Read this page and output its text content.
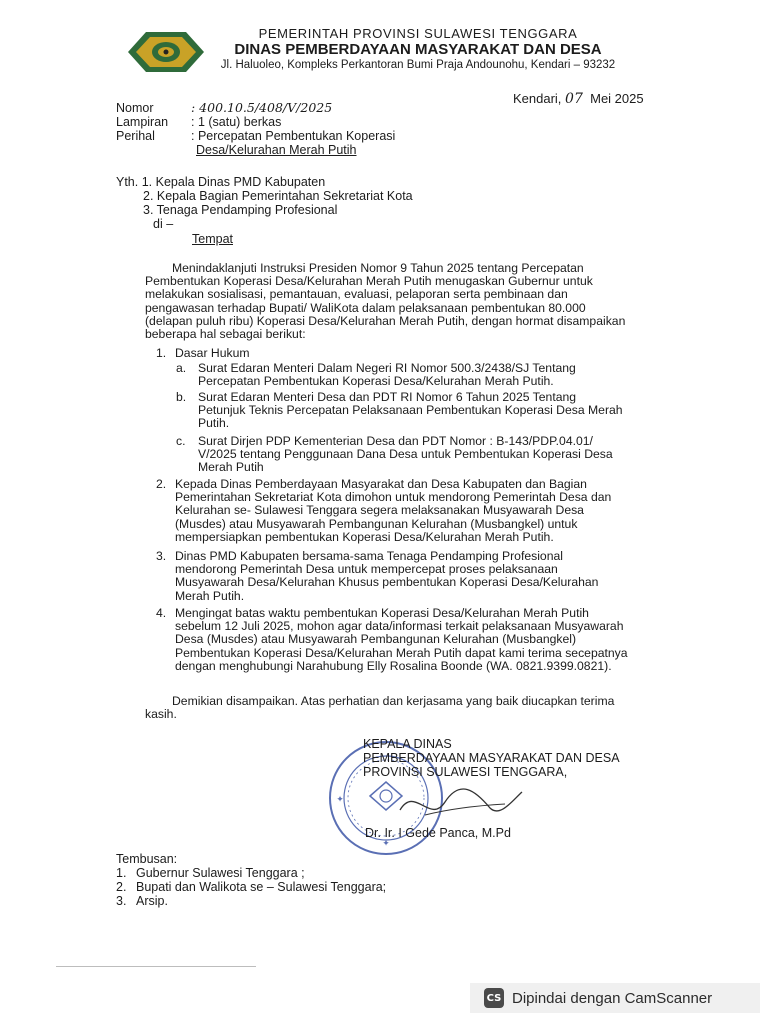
PEMERINTAH PROVINSI SULAWESI TENGGARA
DINAS PEMBERDAYAAN MASYARAKAT DAN DESA
Jl. Haluoleo, Kompleks Perkantoran Bumi Praja Andounohu, Kendari – 93232
Kendari, 07 Mei 2025
Nomor	: 400.10.5/408/V/2025
Lampiran	: 1 (satu) berkas
Perihal	: Percepatan Pembentukan Koperasi
Desa/Kelurahan Merah Putih
Yth. 1. Kepala Dinas PMD Kabupaten
2. Kepala Bagian Pemerintahan Sekretariat Kota
3. Tenaga Pendamping Profesional
di –
Tempat
Menindaklanjuti Instruksi Presiden Nomor 9 Tahun 2025 tentang Percepatan
Pembentukan Koperasi Desa/Kelurahan Merah Putih menugaskan Gubernur untuk
melakukan sosialisasi, pemantauan, evaluasi, pelaporan serta pembinaan dan
pengawasan terhadap Bupati/ WaliKota dalam pelaksanaan pembentukan 80.000
(delapan puluh ribu) Koperasi Desa/Kelurahan Merah Putih, dengan hormat disampaikan
beberapa hal sebagai berikut:
1. Dasar Hukum
a. Surat Edaran Menteri Dalam Negeri RI Nomor 500.3/2438/SJ Tentang
Percepatan Pembentukan Koperasi Desa/Kelurahan Merah Putih.
b. Surat Edaran Menteri Desa dan PDT RI Nomor 6 Tahun 2025 Tentang
Petunjuk Teknis Percepatan Pelaksanaan Pembentukan Koperasi Desa Merah
Putih.
c. Surat Dirjen PDP Kementerian Desa dan PDT Nomor : B-143/PDP.04.01/
V/2025 tentang Penggunaan Dana Desa untuk Pembentukan Koperasi Desa
Merah Putih
2. Kepada Dinas Pemberdayaan Masyarakat dan Desa Kabupaten dan Bagian
Pemerintahan Sekretariat Kota dimohon untuk mendorong Pemerintah Desa dan
Kelurahan se- Sulawesi Tenggara segera melaksanakan Musyawarah Desa
(Musdes) atau Musyawarah Pembangunan Kelurahan (Musbangkel) untuk
mempersiapkan pembentukan Koperasi Desa/Kelurahan Merah Putih.
3. Dinas PMD Kabupaten bersama-sama Tenaga Pendamping Profesional
mendorong Pemerintah Desa untuk mempercepat proses pelaksanaan
Musyawarah Desa/Kelurahan Khusus pembentukan Koperasi Desa/Kelurahan
Merah Putih.
4. Mengingat batas waktu pembentukan Koperasi Desa/Kelurahan Merah Putih
sebelum 12 Juli 2025, mohon agar data/informasi terkait pelaksanaan Musyawarah
Desa (Musdes) atau Musyawarah Pembangunan Kelurahan (Musbangkel)
Pembentukan Koperasi Desa/Kelurahan Merah Putih dapat kami terima secepatnya
dengan menghubungi Narahubung Elly Rosalina Boonde (WA. 0821.9399.0821).
Demikian disampaikan. Atas perhatian dan kerjasama yang baik diucapkan terima
kasih.
✦
✦
KEPALA DINAS
PEMBERDAYAAN MASYARAKAT DAN DESA
PROVINSI SULAWESI TENGGARA,
Dr. Ir. I Gede Panca, M.Pd
Tembusan:
1. Gubernur Sulawesi Tenggara ;
2. Bupati dan Walikota se – Sulawesi Tenggara;
3. Arsip.
CS Dipindai dengan CamScanner
